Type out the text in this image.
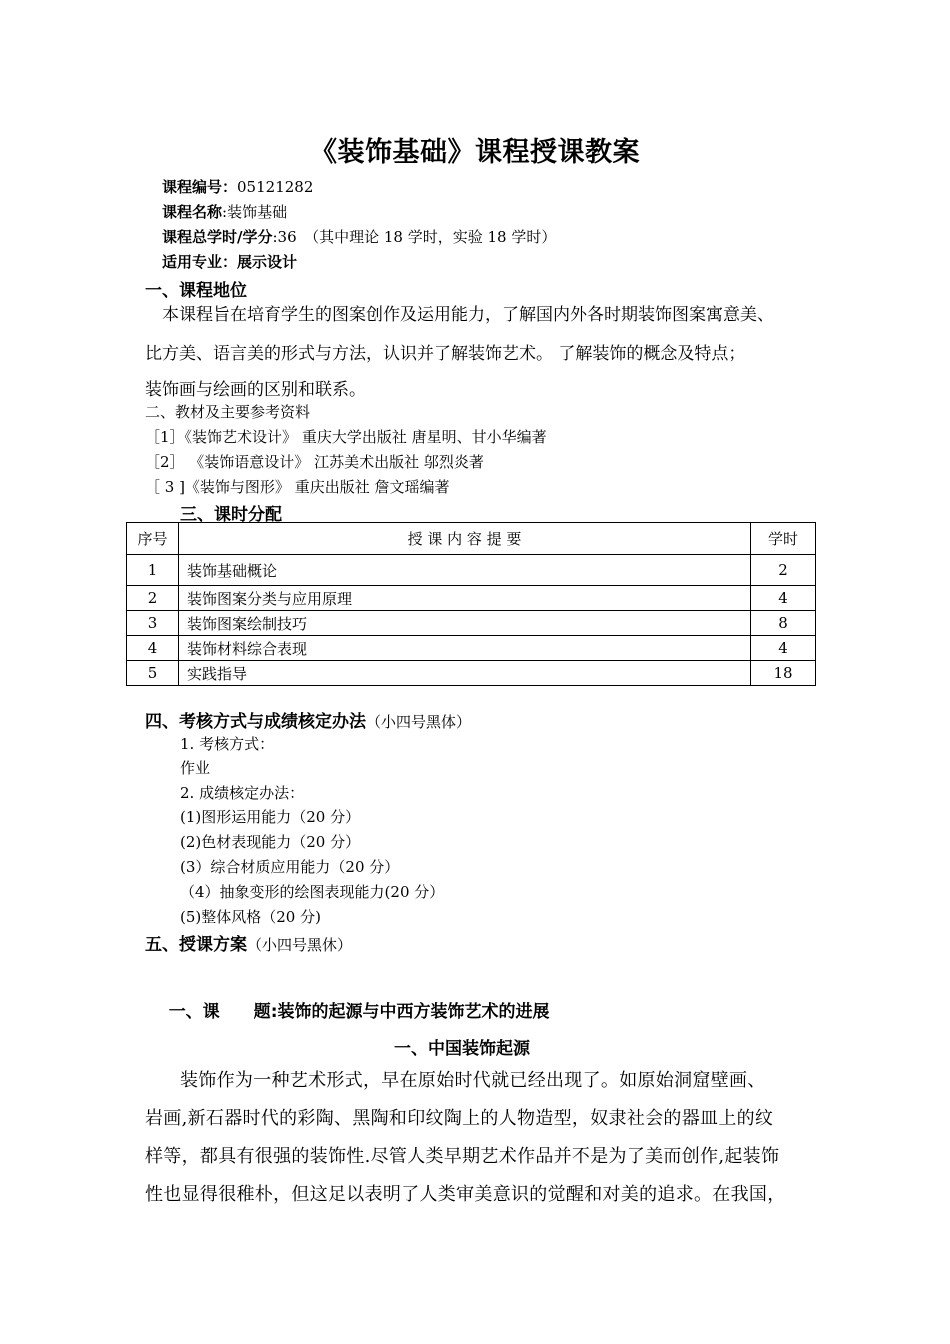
《装饰基础》课程授课教案
课程编号：05121282
课程名称:装饰基础
课程总学时/学分:36　（其中理论 18 学时，实验 18 学时）
适用专业：展示设计
一、课程地位
本课程旨在培育学生的图案创作及运用能力，了解国内外各时期装饰图案寓意美、
比方美、语言美的形式与方法，认识并了解装饰艺术。 了解装饰的概念及特点；
装饰画与绘画的区别和联系。
二、教材及主要参考资料
［1］《装饰艺术设计》 重庆大学出版社 唐星明、甘小华编著
［2］ 《装饰语意设计》 江苏美术出版社 邬烈炎著
［ 3 ]《装饰与图形》 重庆出版社 詹文瑶编著
三、课时分配
序号	授 课 内 容 提 要	学时
1	装饰基础概论	2
2	装饰图案分类与应用原理	4
3	装饰图案绘制技巧	8
4	装饰材料综合表现	4
5	实践指导	18
四、考核方式与成绩核定办法（小四号黑体）
1. 考核方式：
作业
2. 成绩核定办法：
(1)图形运用能力（20 分）
(2)色材表现能力（20 分）
(3）综合材质应用能力（20 分）
（4）抽象变形的绘图表现能力(20 分）
(5)整体风格（20 分)
五、授课方案（小四号黑休）

一、课　　题:装饰的起源与中西方装饰艺术的进展

一、中国装饰起源
装饰作为一种艺术形式，早在原始时代就已经出现了。如原始洞窟壁画、
岩画,新石器时代的彩陶、黑陶和印纹陶上的人物造型，奴隶社会的器皿上的纹
样等，都具有很强的装饰性.尽管人类早期艺术作品并不是为了美而创作,起装饰
性也显得很稚朴，但这足以表明了人类审美意识的觉醒和对美的追求。在我国，
